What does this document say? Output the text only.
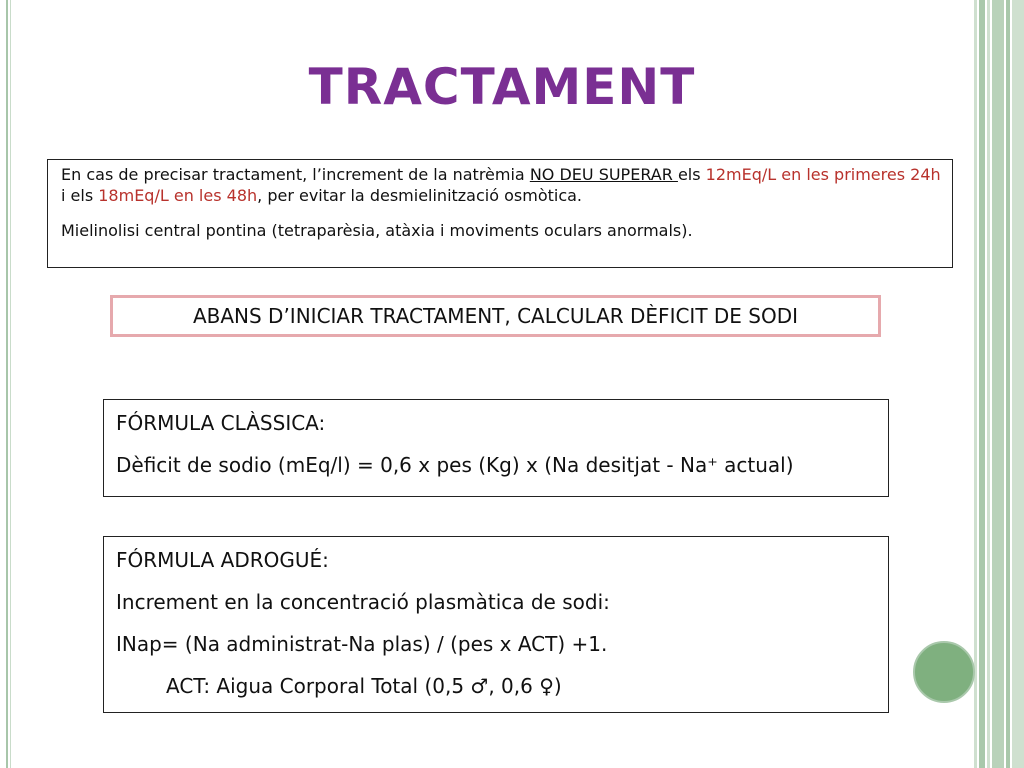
TRACTAMENT
En cas de precisar tractament, l’increment de la natrèmia NO DEU SUPERAR els 12mEq/L en les primeres 24h i els 18mEq/L en les 48h, per evitar la desmielinització osmòtica.
Mielinolisi central pontina (tetraparèsia, atàxia i moviments oculars anormals).
ABANS D’INICIAR TRACTAMENT, CALCULAR DÈFICIT DE SODI
FÓRMULA CLÀSSICA:
Dèficit de sodio (mEq/l) = 0,6 x pes (Kg) x (Na desitjat - Na⁺ actual)
FÓRMULA ADROGUÉ:
Increment en la concentració plasmàtica de sodi:
INap= (Na administrat-Na plas) / (pes x ACT) +1.
ACT: Aigua Corporal Total (0,5 ♂, 0,6 ♀)
